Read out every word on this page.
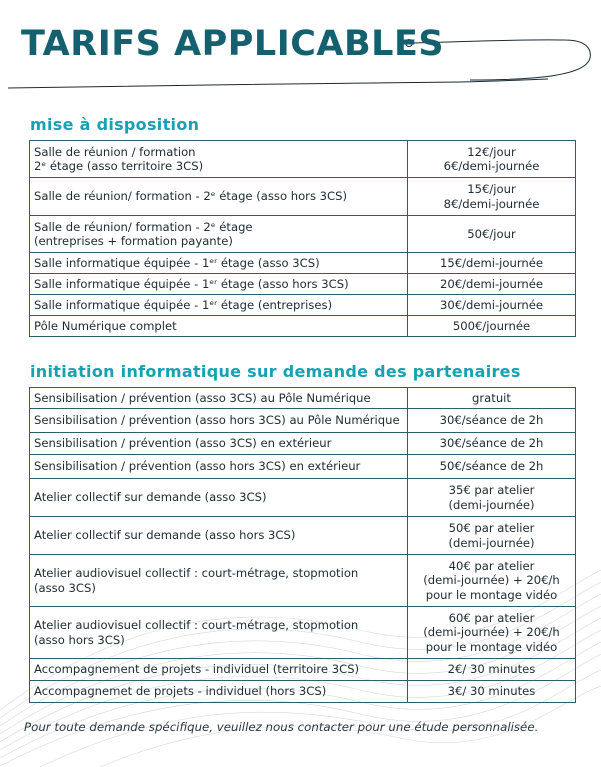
TARIFS APPLICABLES
mise à disposition
Salle de réunion / formation
2ᵉ étage (asso territoire 3CS)	12€/jour
6€/demi-journée

Salle de réunion/ formation - 2ᵉ étage (asso hors 3CS)	15€/jour
8€/demi-journée

Salle de réunion/ formation - 2ᵉ étage
(entreprises + formation payante)	50€/jour

Salle informatique équipée - 1ᵉʳ étage (asso 3CS)	15€/demi-journée

Salle informatique équipée - 1ᵉʳ étage (asso hors 3CS)	20€/demi-journée

Salle informatique équipée - 1ᵉʳ étage (entreprises)	30€/demi-journée

Pôle Numérique complet	500€/journée
initiation informatique sur demande des partenaires
Sensibilisation / prévention (asso 3CS) au Pôle Numérique	gratuit

Sensibilisation / prévention (asso hors 3CS) au Pôle Numérique	30€/séance de 2h

Sensibilisation / prévention (asso 3CS) en extérieur	30€/séance de 2h

Sensibilisation / prévention (asso hors 3CS) en extérieur	50€/séance de 2h

Atelier collectif sur demande (asso 3CS)	35€ par atelier
(demi-journée)

Atelier collectif sur demande (asso hors 3CS)	50€ par atelier
(demi-journée)

Atelier audiovisuel collectif : court-métrage, stopmotion
(asso 3CS)	40€ par atelier
(demi-journée) + 20€/h
pour le montage vidéo

Atelier audiovisuel collectif : court-métrage, stopmotion
(asso hors 3CS)	60€ par atelier
(demi-journée) + 20€/h
pour le montage vidéo

Accompagnement de projets - individuel (territoire 3CS)	2€/ 30 minutes

Accompagnemet de projets - individuel (hors 3CS)	3€/ 30 minutes

Pour toute demande spécifique, veuillez nous contacter pour une étude personnalisée.
